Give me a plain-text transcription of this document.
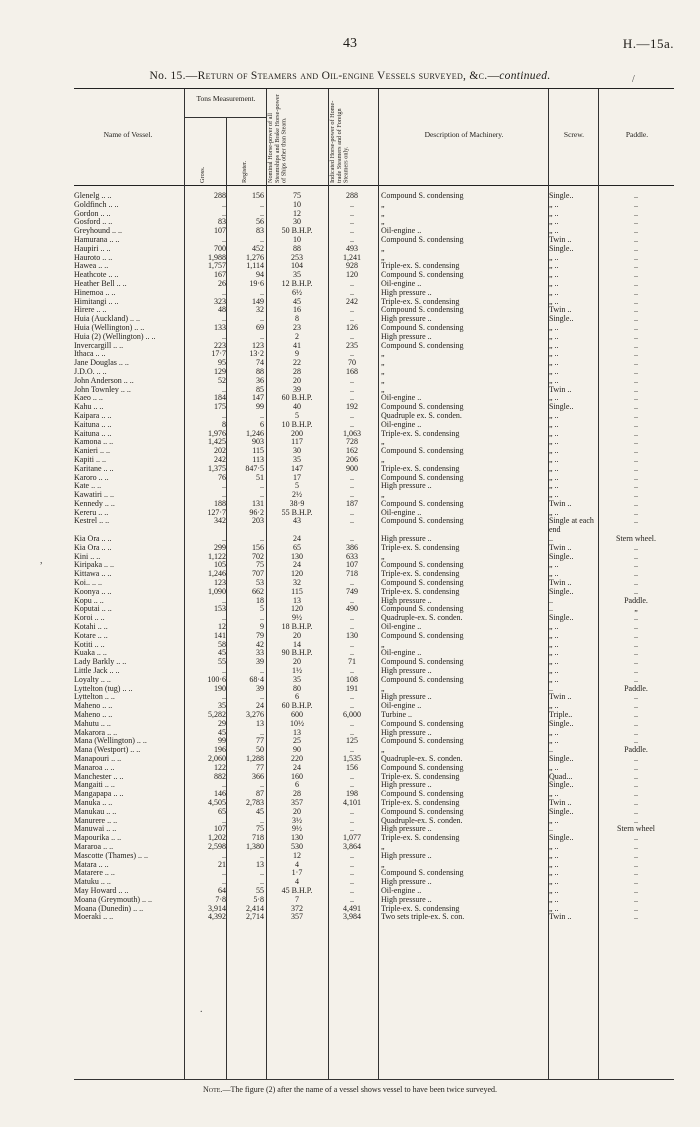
43	H.—15a.
No. 15.—Return of Steamers and Oil-engine Vessels surveyed, &c.—continued.	/
Name of Vessel.
Tons Measurement.
Gross.	Register.	Nominal Horse-power of all Steamships and Brake Horse-power of Ships other than Steam.	Indicated Horse-power of Home-trade Steamers and of Foreign Steamers only.
Description of Machinery.	Screw.	Paddle.
Glenelg .. ..	288	156	75	288	Compound S. condensing	Single..	..
Goldfinch .. ..	..	..	10	..	„	„ ..	..
Gordon .. ..	..	..	12	..	„	„ ..	..
Gosford .. ..	83	56	30	..	„	„ ..	..
Greyhound .. ..	107	83	50 B.H.P.	..	Oil-engine ..	„ ..	..
Hamurana .. ..	..	..	10	..	Compound S. condensing	Twin ..	..
Haupiri .. ..	700	452	88	493	„	Single..	..
Hauroto .. ..	1,988	1,276	253	1,241	„	„ ..	..
Hawea .. ..	1,757	1,114	104	928	Triple-ex. S. condensing	„ ..	..
Heathcote .. ..	167	94	35	120	Compound S. condensing	„ ..	..
Heather Bell .. ..	26	19·6	12 B.H.P.	..	Oil-engine ..	„ ..	..
Hinemoa .. ..	..	..	6½	..	High pressure ..	„ ..	..
Himitangi .. ..	323	149	45	242	Triple-ex. S. condensing	„ ..	..
Hirere .. ..	48	32	16	..	Compound S. condensing	Twin ..	..
Huia (Auckland) .. ..	..	..	8	..	High pressure ..	Single..	..
Huia (Wellington) .. ..	133	69	23	126	Compound S. condensing	„ ..	..
Huia (2) (Wellington) .. ..	..	..	2	..	High pressure ..	„ ..	..
Invercargill .. ..	223	123	41	235	Compound S. condensing	„ ..	..
Ithaca .. ..	17·7	13·2	9	..	„	„ ..	..
Jane Douglas .. ..	95	74	22	70	„	„ ..	..
J.D.O. .. ..	129	88	28	168	„	„ ..	..
John Anderson .. ..	52	36	20	..	„	„ ..	..
John Townley .. ..	..	85	39	..	„	Twin ..	..
Kaeo .. ..	184	147	60 B.H.P.	..	Oil-engine ..	„ ..	..
Kahu .. ..	175	99	40	192	Compound S. condensing	Single..	..
Kaipara .. ..	..	..	5	..	Quadruple ex. S. conden.	„ ..	..
Kaituna .. ..	8	6	10 B.H.P.	..	Oil-engine ..	„ ..	..
Kaituna .. ..	1,976	1,246	200	1,063	Triple-ex. S. condensing	„ ..	..
Kamona .. ..	1,425	903	117	728	„	„ ..	..
Kanieri .. ..	202	115	30	162	Compound S. condensing	„ ..	..
Kapiti .. ..	242	113	35	206	„	„ ..	..
Karitane .. ..	1,375	847·5	147	900	Triple-ex. S. condensing	„ ..	..
Karoro .. ..	76	51	17	..	Compound S. condensing	„ ..	..
Kate .. ..	..	..	5	..	High pressure ..	„ ..	..
Kawatiri .. ..	..	..	2½	..	„	„ ..	..
Kennedy .. ..	188	131	38·9	187	Compound S. condensing	Twin ..	..
Kereru .. ..	127·7	96·2	55 B.H.P.	..	Oil-engine ..	„ ..	..
Kestrel .. ..	342	203	43	..	Compound S. condensing	Single at each end
..
Kia Ora .. ..	..	..	24	..	High pressure ..	..	Stern wheel.
Kia Ora .. ..	299	156	65	386	Triple-ex. S. condensing	Twin ..	..
Kini .. ..	1,122	702	130	633	„	Single..	..
Kiripaka .. ..	105	75	24	107	Compound S. condensing	„ ..	..
Kittawa .. ..	1,246	707	120	718	Triple-ex. S. condensing	„ ..	..
Koi.. .. ..	123	53	32	..	Compound S. condensing	Twin ..	..
Koonya .. ..	1,090	662	115	749	Triple-ex. S. condensing	Single..	..
Kopu .. ..	..	18	13	..	High pressure ..	..	Paddle.
Koputai .. ..	153	5	120	490	Compound S. condensing	..	„
Koroi .. ..	..	..	9½	..	Quadruple-ex. S. conden.	Single..	..
Kotahi .. ..	12	9	18 B.H.P.	..	Oil-engine ..	„ ..	..
Kotare .. ..	141	79	20	130	Compound S. condensing	„ ..	..
Kotiti .. ..	58	42	14	..	„	„ ..	..
Kuaka .. ..	45	33	90 B.H.P.	..	Oil-engine ..	„ ..	..
Lady Barkly .. ..	55	39	20	71	Compound S. condensing	„ ..	..
Little Jack .. ..	..	..	1½	..	High pressure ..	„ ..	..
Loyalty .. ..	100·6	68·4	35	108	Compound S. condensing	„ ..	..
Lyttelton (tug) .. ..	190	39	80	191	„	..	Paddle.
Lyttelton .. ..	..	..	6	..	High pressure ..	Twin ..	..
Maheno .. ..	35	24	60 B.H.P.	..	Oil-engine ..	„ ..	..
Maheno .. ..	5,282	3,276	600	6,000	Turbine ..	Triple..	..
Mahutu .. ..	29	13	10½	..	Compound S. condensing	Single..	..
Makarora .. ..	45	..	13	..	High pressure ..	„ ..	..
Mana (Wellington) .. ..	99	77	25	125	Compound S. condensing	„ ..	..
Mana (Westport) .. ..	196	50	90	..	„	..	Paddle.
Manapouri .. ..	2,060	1,288	220	1,535	Quadruple-ex. S. conden.	Single..	..
Manaroa .. ..	122	77	24	156	Compound S. condensing	„ ..	..
Manchester .. ..	882	366	160	..	Triple-ex. S. condensing	Quad...	..
Mangaiti .. ..	..	..	6	..	High pressure ..	Single..	..
Mangapapa .. ..	146	87	28	198	Compound S. condensing	„ ..	..
Manuka .. ..	4,505	2,783	357	4,101	Triple-ex. S. condensing	Twin ..	..
Manukau .. ..	65	45	20	..	Compound S. condensing	Single..	..
Manurere .. ..	..	..	3½	..	Quadruple-ex. S. conden.	„ ..	..
Manuwai .. ..	107	75	9½	..	High pressure ..	..	Stern wheel
Mapourika .. ..	1,202	718	130	1,077	Triple-ex. S. condensing	Single..	..
Mararoa .. ..	2,598	1,380	530	3,864	„	„ ..	..
Mascotte (Thames) .. ..	..	..	12	..	High pressure ..	„ ..	..
Matara .. ..	21	13	4	..	„	„ ..	..
Matarere .. ..	..	..	1·7	..	Compound S. condensing	„ ..	..
Matuku .. ..	..	..	4	..	High pressure ..	„ ..	..
May Howard .. ..	64	55	45 B.H.P.	..	Oil-engine ..	„ ..	..
Moana (Greymouth) .. ..	7·8	5·8	7	..	High pressure ..	„ ..	..
Moana (Dunedin) .. ..	3,914	2,414	372	4,491	Triple-ex. S. condensing	„ ..	..
Moeraki .. ..	4,392	2,714	357	3,984	Two sets triple-ex. S. con.	Twin ..	..
Note.—The figure (2) after the name of a vessel shows vessel to have been twice surveyed.
,
.
